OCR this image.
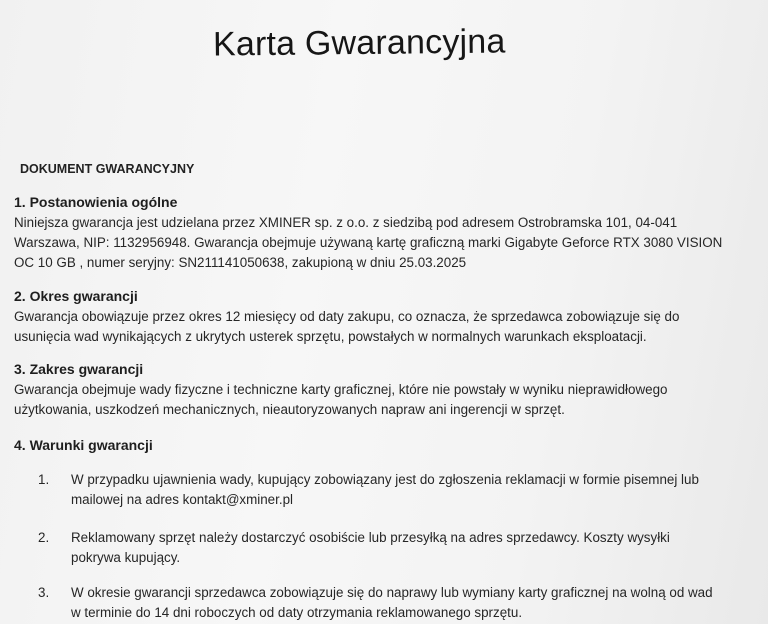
Karta Gwarancyjna
DOKUMENT GWARANCYJNY
1. Postanowienia ogólne

Niniejsza gwarancja jest udzielana przez XMINER sp. z o.o. z siedzibą pod adresem Ostrobramska 101, 04-041
Warszawa, NIP: 1132956948. Gwarancja obejmuje używaną kartę graficzną marki Gigabyte Geforce RTX 3080 VISION
OC 10 GB , numer seryjny: SN211141050638, zakupioną w dniu 25.03.2025

2. Okres gwarancji

Gwarancja obowiązuje przez okres 12 miesięcy od daty zakupu, co oznacza, że sprzedawca zobowiązuje się do
usunięcia wad wynikających z ukrytych usterek sprzętu, powstałych w normalnych warunkach eksploatacji.

3. Zakres gwarancji

Gwarancja obejmuje wady fizyczne i techniczne karty graficznej, które nie powstały w wyniku nieprawidłowego
użytkowania, uszkodzeń mechanicznych, nieautoryzowanych napraw ani ingerencji w sprzęt.

4. Warunki gwarancji
1. W przypadku ujawnienia wady, kupujący zobowiązany jest do zgłoszenia reklamacji w formie pisemnej lub
mailowej na adres kontakt@xminer.pl
2. Reklamowany sprzęt należy dostarczyć osobiście lub przesyłką na adres sprzedawcy. Koszty wysyłki
pokrywa kupujący.
3. W okresie gwarancji sprzedawca zobowiązuje się do naprawy lub wymiany karty graficznej na wolną od wad
w terminie do 14 dni roboczych od daty otrzymania reklamowanego sprzętu.
